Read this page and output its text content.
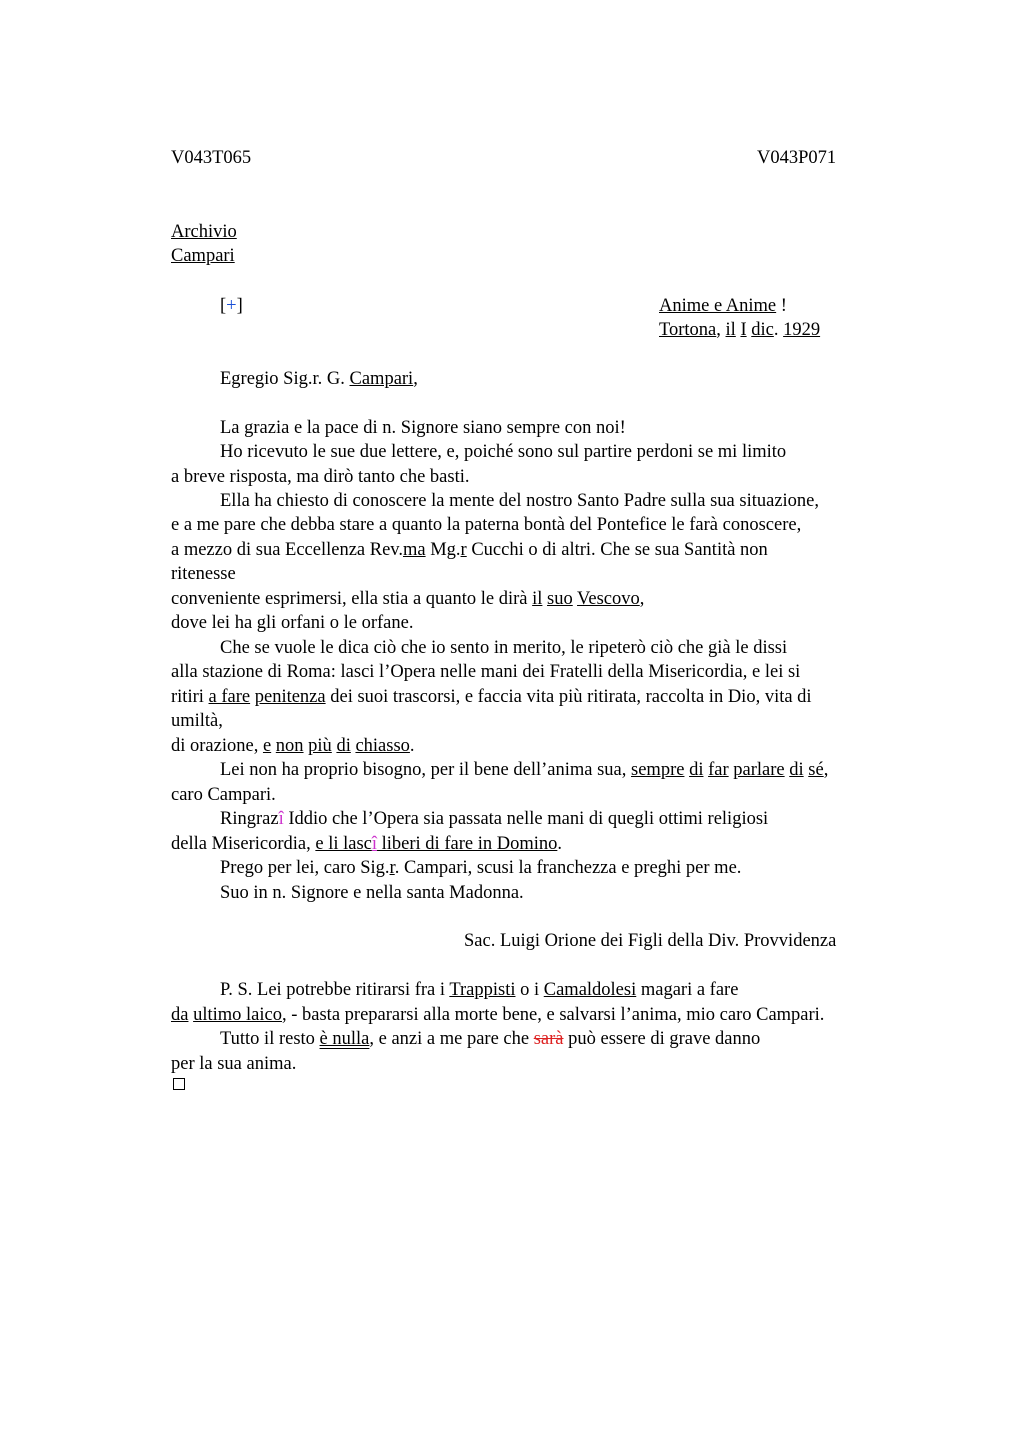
V043T065	V043P071
Archivio
Campari
[+]	Anime e Anime !
Tortona, il I dic. 1929
Egregio Sig.r. G. Campari,
La grazia e la pace di n. Signore siano sempre con noi!
Ho ricevuto le sue due lettere, e, poiché sono sul partire perdoni se mi limito
a breve risposta, ma dirò tanto che basti.
Ella ha chiesto di conoscere la mente del nostro Santo Padre sulla sua situazione,
e a me pare che debba stare a quanto la paterna bontà del Pontefice le farà conoscere,
a mezzo di sua Eccellenza Rev.ma Mg.r Cucchi o di altri. Che se sua Santità non
ritenesse
conveniente esprimersi, ella stia a quanto le dirà il suo Vescovo,
dove lei ha gli orfani o le orfane.
Che se vuole le dica ciò che io sento in merito, le ripeterò ciò che già le dissi
alla stazione di Roma: lasci l’Opera nelle mani dei Fratelli della Misericordia, e lei si
ritiri a fare penitenza dei suoi trascorsi, e faccia vita più ritirata, raccolta in Dio, vita di
umiltà,
di orazione, e non più di chiasso.
Lei non ha proprio bisogno, per il bene dell’anima sua, sempre di far parlare di sé,
caro Campari.
Ringrazî Iddio che l’Opera sia passata nelle mani di quegli ottimi religiosi
della Misericordia, e li lascî liberi di fare in Domino.
Prego per lei, caro Sig.r. Campari, scusi la franchezza e preghi per me.
Suo in n. Signore e nella santa Madonna.
Sac. Luigi Orione dei Figli della Div. Provvidenza
P. S. Lei potrebbe ritirarsi fra i Trappisti o i Camaldolesi magari a fare
da ultimo laico, - basta prepararsi alla morte bene, e salvarsi l’anima, mio caro Campari.
Tutto il resto è nulla, e anzi a me pare che sarà può essere di grave danno
per la sua anima.
